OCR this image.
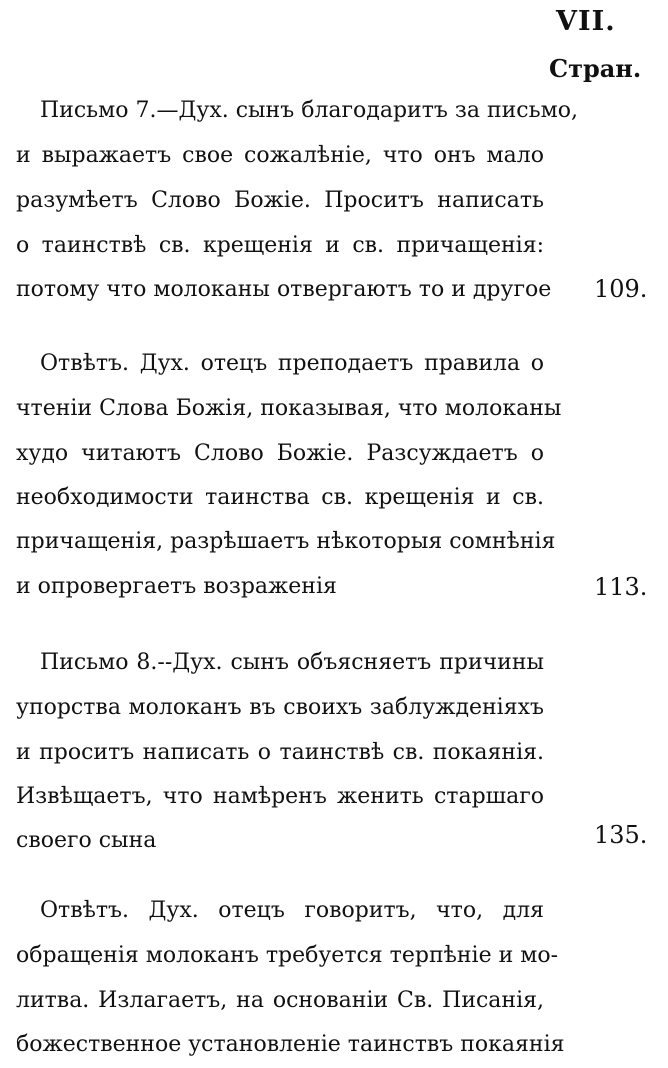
VII.
Стран.
Письмо 7.—Дух. сынъ благодаритъ за письмо,
и выражаетъ свое сожалѣніе, что онъ мало
разумѣетъ Слово Божіе. Проситъ написать
о таинствѣ св. крещенія и св. причащенія:
потому что молоканы отвергаютъ то и другое 109.
Отвѣтъ. Дух. отецъ преподаетъ правила о
чтеніи Слова Божія, показывая, что молоканы
худо читаютъ Слово Божіе. Разсуждаетъ о
необходимости таинства св. крещенія и св.
причащенія, разрѣшаетъ нѣкоторыя сомнѣнія
и опровергаетъ возраженія	113.
Письмо 8.--Дух. сынъ объясняетъ причины
упорства молоканъ въ своихъ заблужденіяхъ
и проситъ написать о таинствѣ св. покаянія.
Извѣщаетъ, что намѣренъ женить старшаго
своего сына	135.
Отвѣтъ. Дух. отецъ говоритъ, что, для
обращенія молоканъ требуется терпѣніе и мо-
литва. Излагаетъ, на основаніи Св. Писанія,
божественное установленіе таинствъ покаянія
